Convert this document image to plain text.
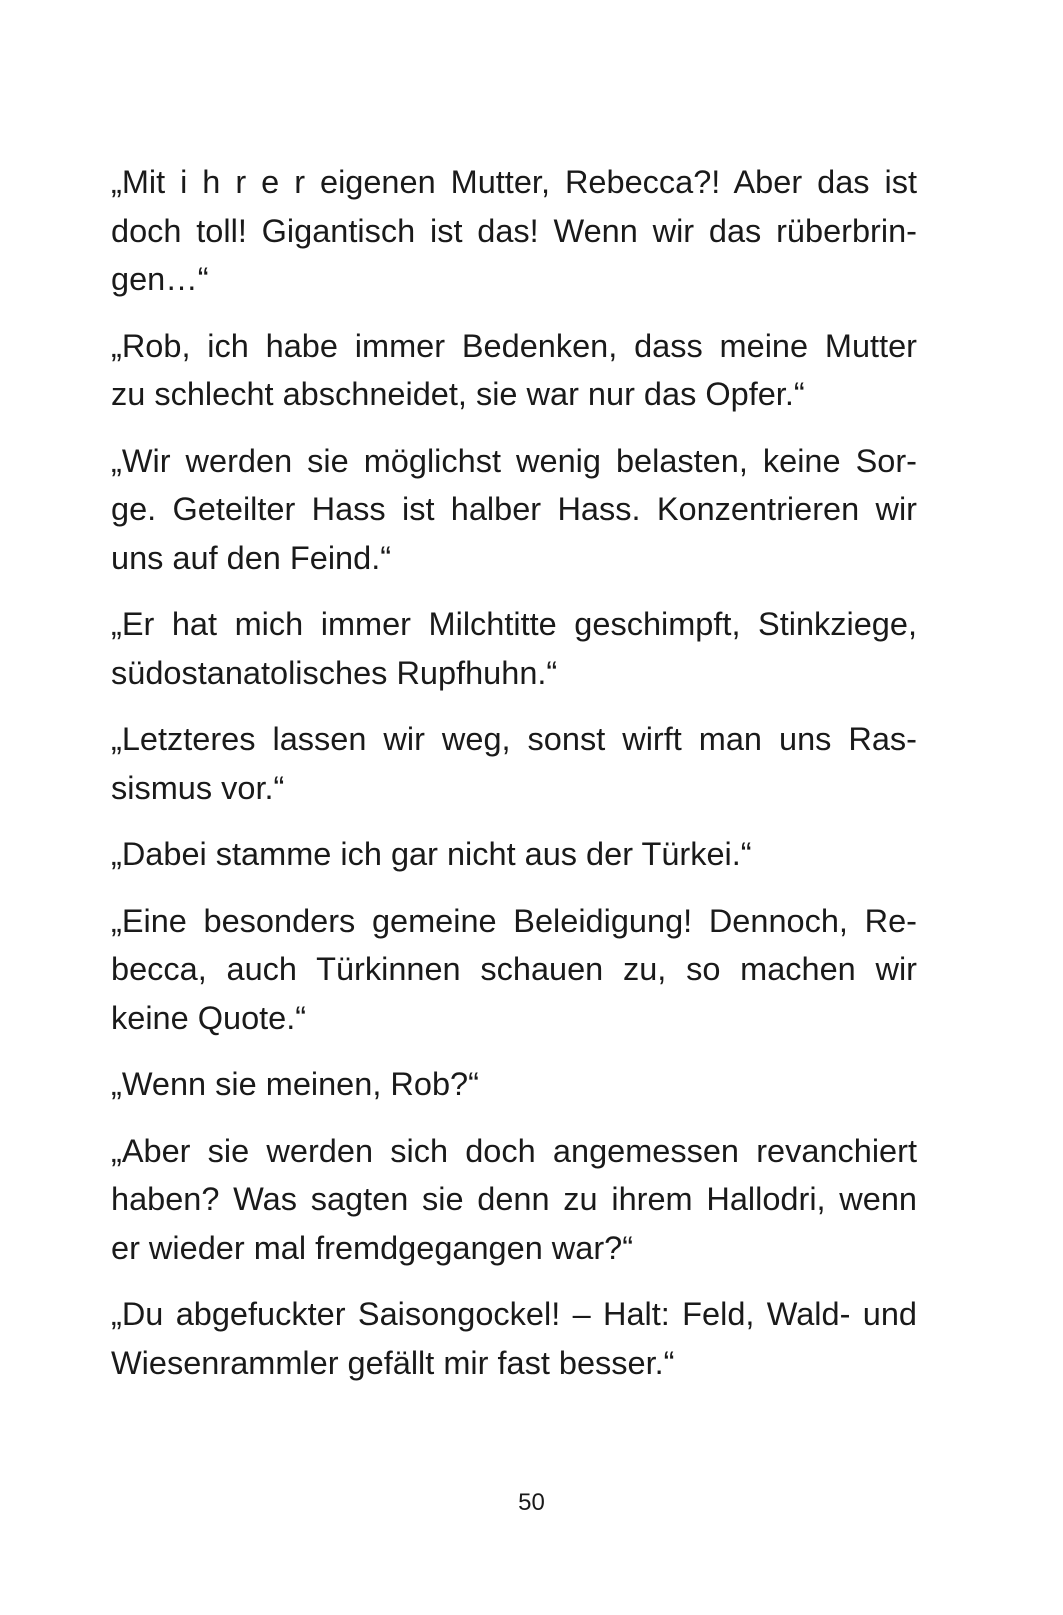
„Mit i h r e r eigenen Mutter, Rebecca?! Aber das ist
doch toll! Gigantisch ist das! Wenn wir das rüberbrin-
gen…“

„Rob, ich habe immer Bedenken, dass meine Mutter
zu schlecht abschneidet, sie war nur das Opfer.“

„Wir werden sie möglichst wenig belasten, keine Sor-
ge. Geteilter Hass ist halber Hass. Konzentrieren wir
uns auf den Feind.“

„Er hat mich immer Milchtitte geschimpft, Stinkziege,
südostanatolisches Rupfhuhn.“

„Letzteres lassen wir weg, sonst wirft man uns Ras-
sismus vor.“

„Dabei stamme ich gar nicht aus der Türkei.“

„Eine besonders gemeine Beleidigung! Dennoch, Re-
becca, auch Türkinnen schauen zu, so machen wir
keine Quote.“

„Wenn sie meinen, Rob?“

„Aber sie werden sich doch angemessen revanchiert
haben? Was sagten sie denn zu ihrem Hallodri, wenn
er wieder mal fremdgegangen war?“

„Du abgefuckter Saisongockel! – Halt: Feld, Wald- und
Wiesenrammler gefällt mir fast besser.“

50
